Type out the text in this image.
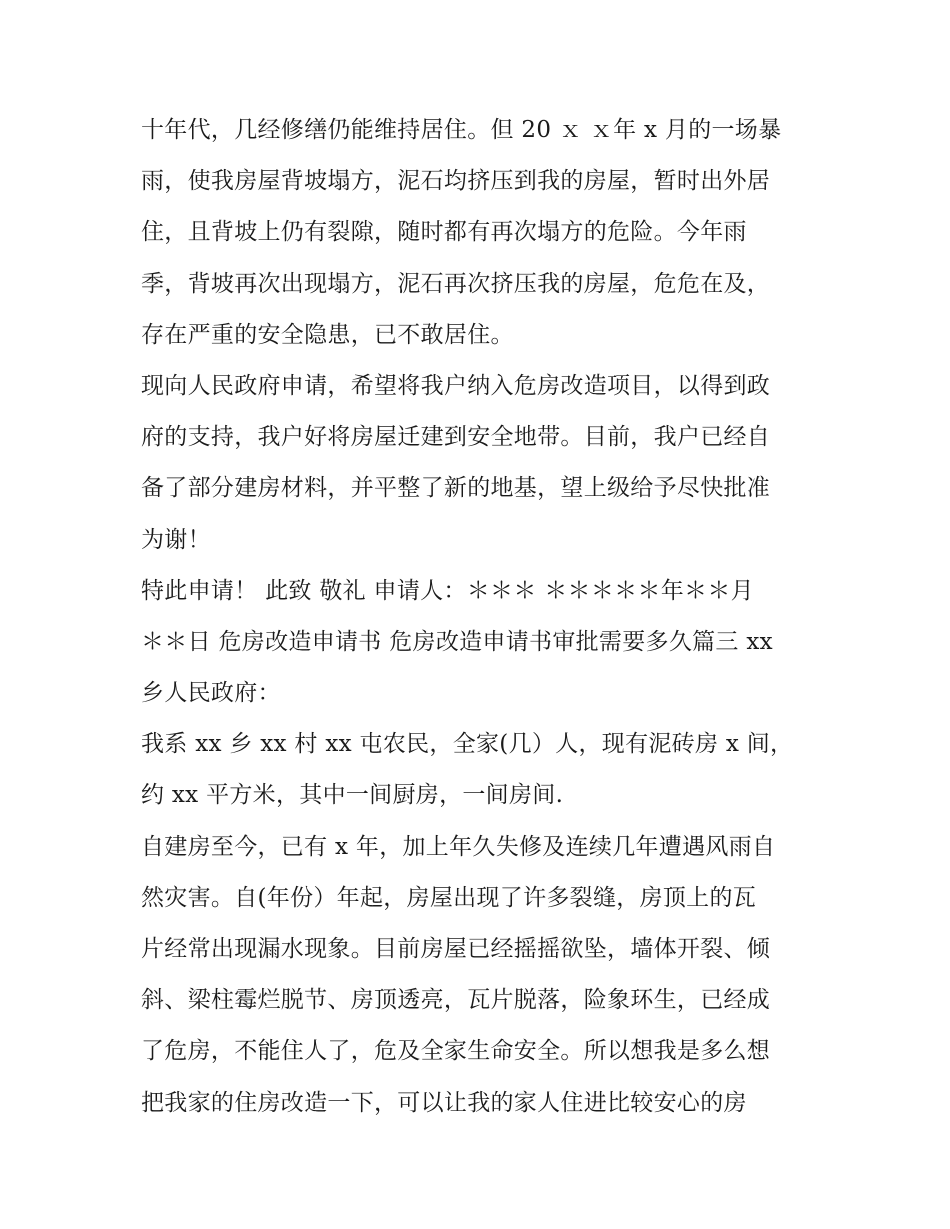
十年代，几经修缮仍能维持居住。但 20 ｘ ｘ年 x 月的一场暴
雨，使我房屋背坡塌方，泥石均挤压到我的房屋，暂时出外居
住，且背坡上仍有裂隙，随时都有再次塌方的危险。今年雨
季，背坡再次出现塌方，泥石再次挤压我的房屋，危危在及，
存在严重的安全隐患，已不敢居住。
现向人民政府申请，希望将我户纳入危房改造项目，以得到政
府的支持，我户好将房屋迁建到安全地带。目前，我户已经自
备了部分建房材料，并平整了新的地基，望上级给予尽快批准
为谢！
特此申请！ 此致 敬礼 申请人：＊＊＊ ＊＊＊＊＊年＊＊月
＊＊日 危房改造申请书 危房改造申请书审批需要多久篇三 xx
乡人民政府：
我系 xx 乡 xx 村 xx 屯农民，全家(几）人，现有泥砖房 x 间，
约 xx 平方米，其中一间厨房，一间房间.
自建房至今，已有 x 年，加上年久失修及连续几年遭遇风雨自
然灾害。自(年份）年起，房屋出现了许多裂缝，房顶上的瓦
片经常出现漏水现象。目前房屋已经摇摇欲坠，墙体开裂、倾
斜、梁柱霉烂脱节、房顶透亮，瓦片脱落，险象环生，已经成
了危房，不能住人了，危及全家生命安全。所以想我是多么想
把我家的住房改造一下，可以让我的家人住进比较安心的房
